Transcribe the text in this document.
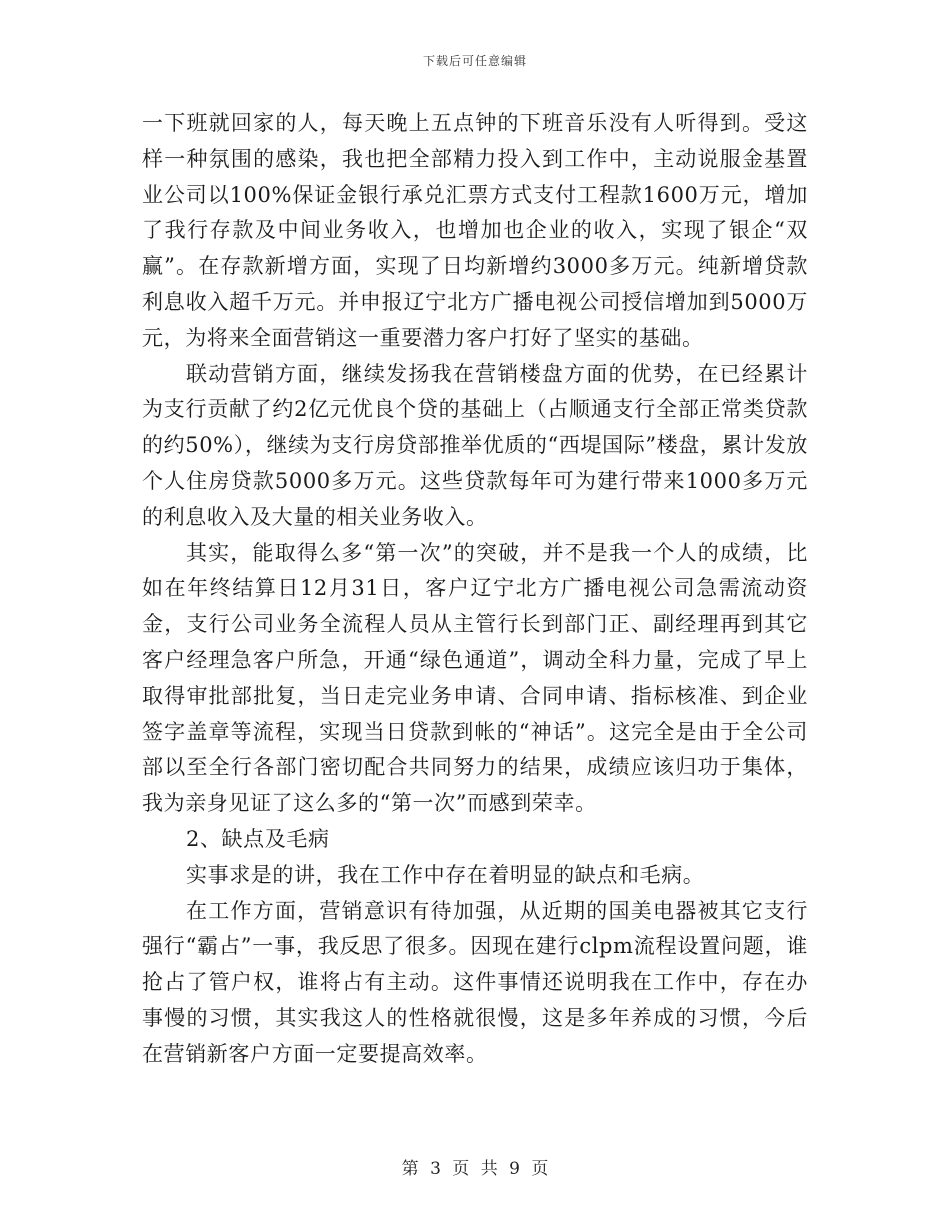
下载后可任意编辑

一下班就回家的人，每天晚上五点钟的下班音乐没有人听得到。受这样一种氛围的感染，我也把全部精力投入到工作中，主动说服金基置业公司以100%保证金银行承兑汇票方式支付工程款1600万元，增加了我行存款及中间业务收入，也增加也企业的收入，实现了银企“双赢”。在存款新增方面，实现了日均新增约3000多万元。纯新增贷款利息收入超千万元。并申报辽宁北方广播电视公司授信增加到5000万元，为将来全面营销这一重要潜力客户打好了坚实的基础。

联动营销方面，继续发扬我在营销楼盘方面的优势，在已经累计为支行贡献了约2亿元优良个贷的基础上（占顺通支行全部正常类贷款的约50%），继续为支行房贷部推举优质的“西堤国际”楼盘，累计发放个人住房贷款5000多万元。这些贷款每年可为建行带来1000多万元的利息收入及大量的相关业务收入。

其实，能取得么多“第一次”的突破，并不是我一个人的成绩，比如在年终结算日12月31日，客户辽宁北方广播电视公司急需流动资金，支行公司业务全流程人员从主管行长到部门正、副经理再到其它客户经理急客户所急，开通“绿色通道”，调动全科力量，完成了早上取得审批部批复，当日走完业务申请、合同申请、指标核准、到企业签字盖章等流程，实现当日贷款到帐的“神话”。这完全是由于全公司部以至全行各部门密切配合共同努力的结果，成绩应该归功于集体，我为亲身见证了这么多的“第一次”而感到荣幸。

2、缺点及毛病

实事求是的讲，我在工作中存在着明显的缺点和毛病。

在工作方面，营销意识有待加强，从近期的国美电器被其它支行强行“霸占”一事，我反思了很多。因现在建行clpm流程设置问题，谁抢占了管户权，谁将占有主动。这件事情还说明我在工作中，存在办事慢的习惯，其实我这人的性格就很慢，这是多年养成的习惯，今后在营销新客户方面一定要提高效率。

第 3 页 共 9 页
